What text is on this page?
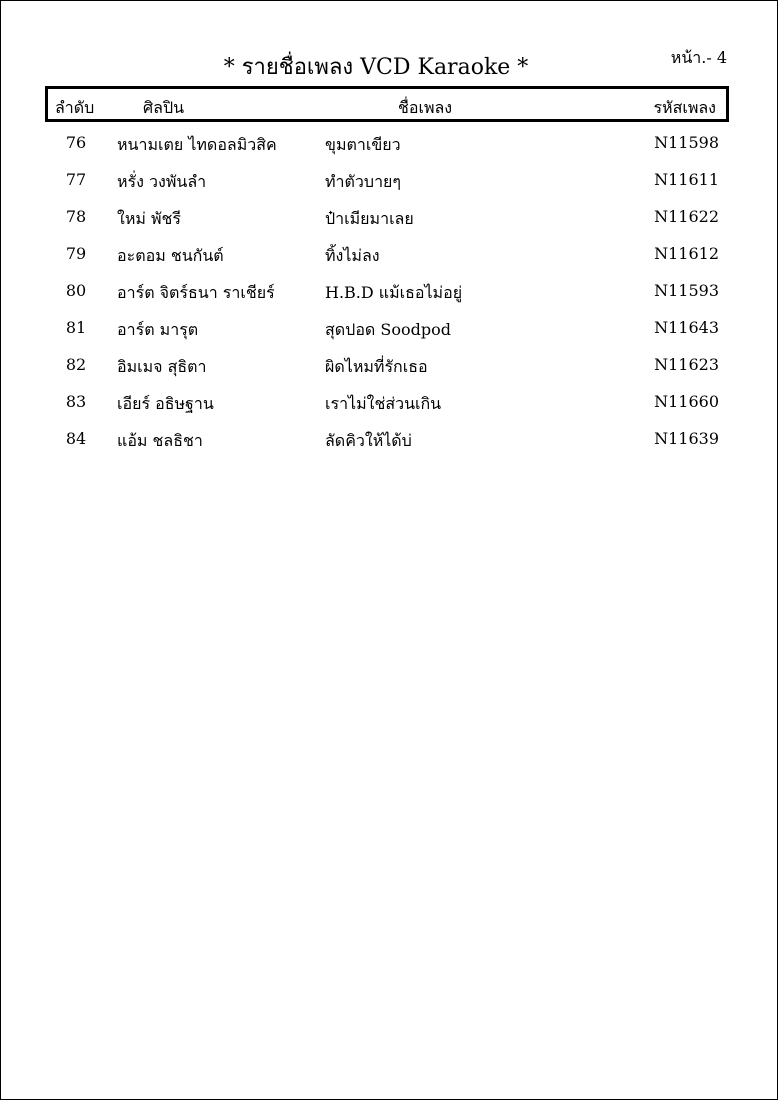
* รายชื่อเพลง VCD Karaoke *	หน้า.- 4
ลำดับ	ศิลปิน	ชื่อเพลง	รหัสเพลง
76	หนามเตย ไทดอลมิวสิค	ขุมตาเขียว	N11598
77	หรั่ง วงพันลำ	ทำตัวบายๆ	N11611
78	ใหม่ พัชรี	ป๋าเมียมาเลย	N11622
79	อะตอม ชนกันต์	ทิ้งไม่ลง	N11612
80	อาร์ต จิตร์ธนา ราเชียร์	H.B.D แม้เธอไม่อยู่	N11593
81	อาร์ต มารุต	สุดปอด Soodpod	N11643
82	อิมเมจ สุธิตา	ผิดไหมที่รักเธอ	N11623
83	เอียร์ อธิษฐาน	เราไม่ใช่ส่วนเกิน	N11660
84	แอ้ม ชลธิชา	ลัดคิวให้ได้บ่	N11639
